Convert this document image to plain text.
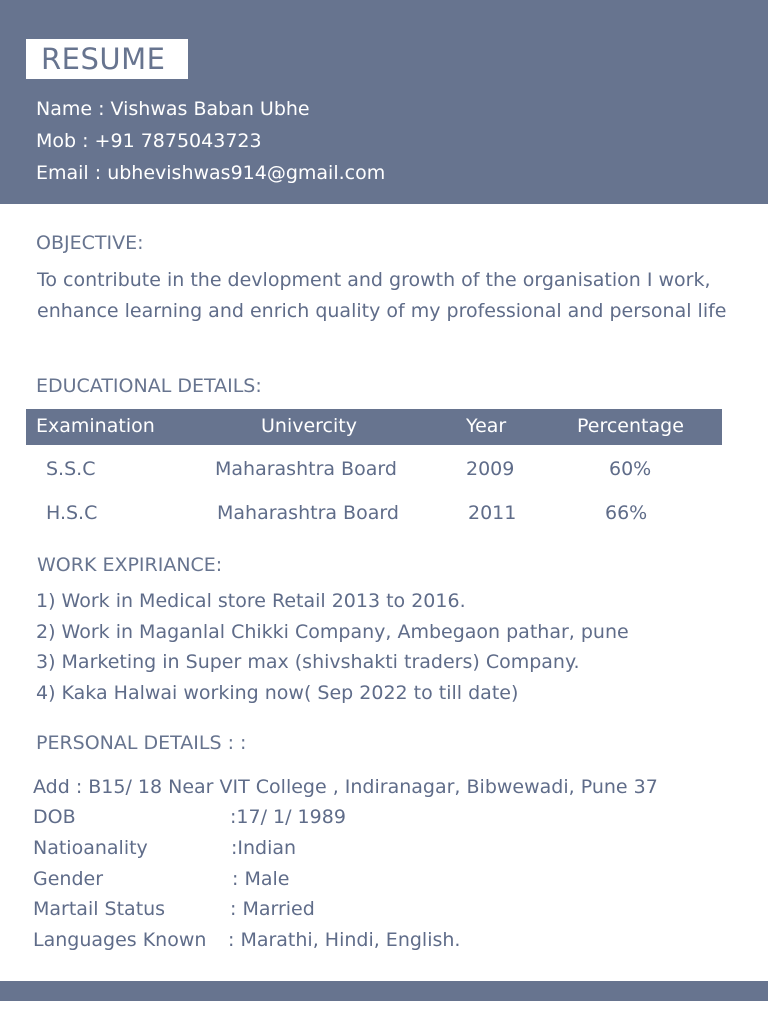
RESUME
Name : Vishwas Baban Ubhe
Mob : +91 7875043723
Email : ubhevishwas914@gmail.com
OBJECTIVE:
To contribute in the devlopment and growth of the organisation I work, enhance learning and enrich quality of my professional and personal life
EDUCATIONAL DETAILS:
Examination	Univercity	Year	Percentage
S.S.C	Maharashtra Board	2009	60%
H.S.C	Maharashtra Board	2011	66%
WORK EXPIRIANCE:
1) Work in Medical store Retail 2013 to 2016.
2) Work in Maganlal Chikki Company, Ambegaon pathar, pune
3) Marketing in Super max (shivshakti traders) Company.
4) Kaka Halwai working now( Sep 2022 to till date)
PERSONAL DETAILS : :
Add : B15/ 18 Near VIT College , Indiranagar, Bibwewadi, Pune 37
DOB	:17/ 1/ 1989
Natioanality	:Indian
Gender	: Male
Martail Status	: Married
Languages Known : Marathi, Hindi, English.
